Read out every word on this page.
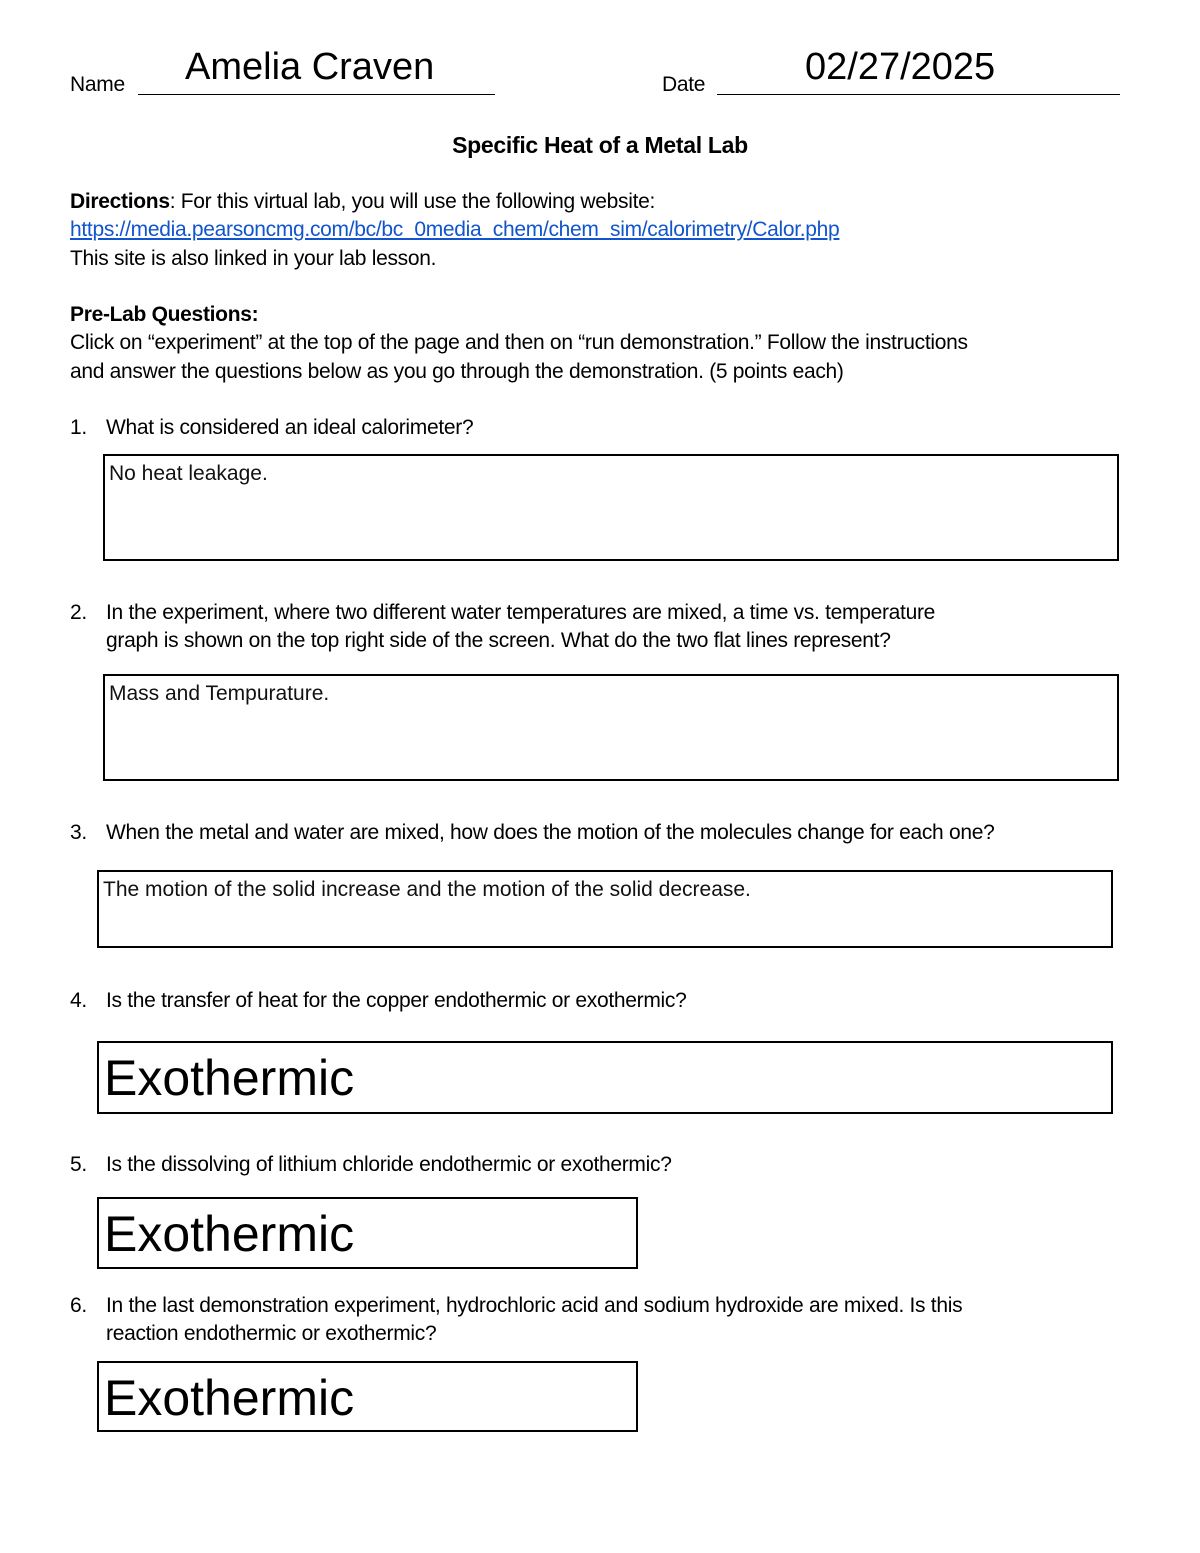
Name Amelia Craven	Date	02/27/2025
Specific Heat of a Metal Lab
Directions: For this virtual lab, you will use the following website:
https://media.pearsoncmg.com/bc/bc_0media_chem/chem_sim/calorimetry/Calor.php
This site is also linked in your lab lesson.
Pre-Lab Questions:
Click on “experiment” at the top of the page and then on “run demonstration.” Follow the instructions
and answer the questions below as you go through the demonstration. (5 points each)
1. What is considered an ideal calorimeter?
No heat leakage.
2. In the experiment, where two different water temperatures are mixed, a time vs. temperature
graph is shown on the top right side of the screen. What do the two flat lines represent?
Mass and Tempurature.
3. When the metal and water are mixed, how does the motion of the molecules change for each one?
The motion of the solid increase and the motion of the solid decrease.
4. Is the transfer of heat for the copper endothermic or exothermic?
Exothermic
5. Is the dissolving of lithium chloride endothermic or exothermic?
Exothermic
6. In the last demonstration experiment, hydrochloric acid and sodium hydroxide are mixed. Is this
reaction endothermic or exothermic?
Exothermic
